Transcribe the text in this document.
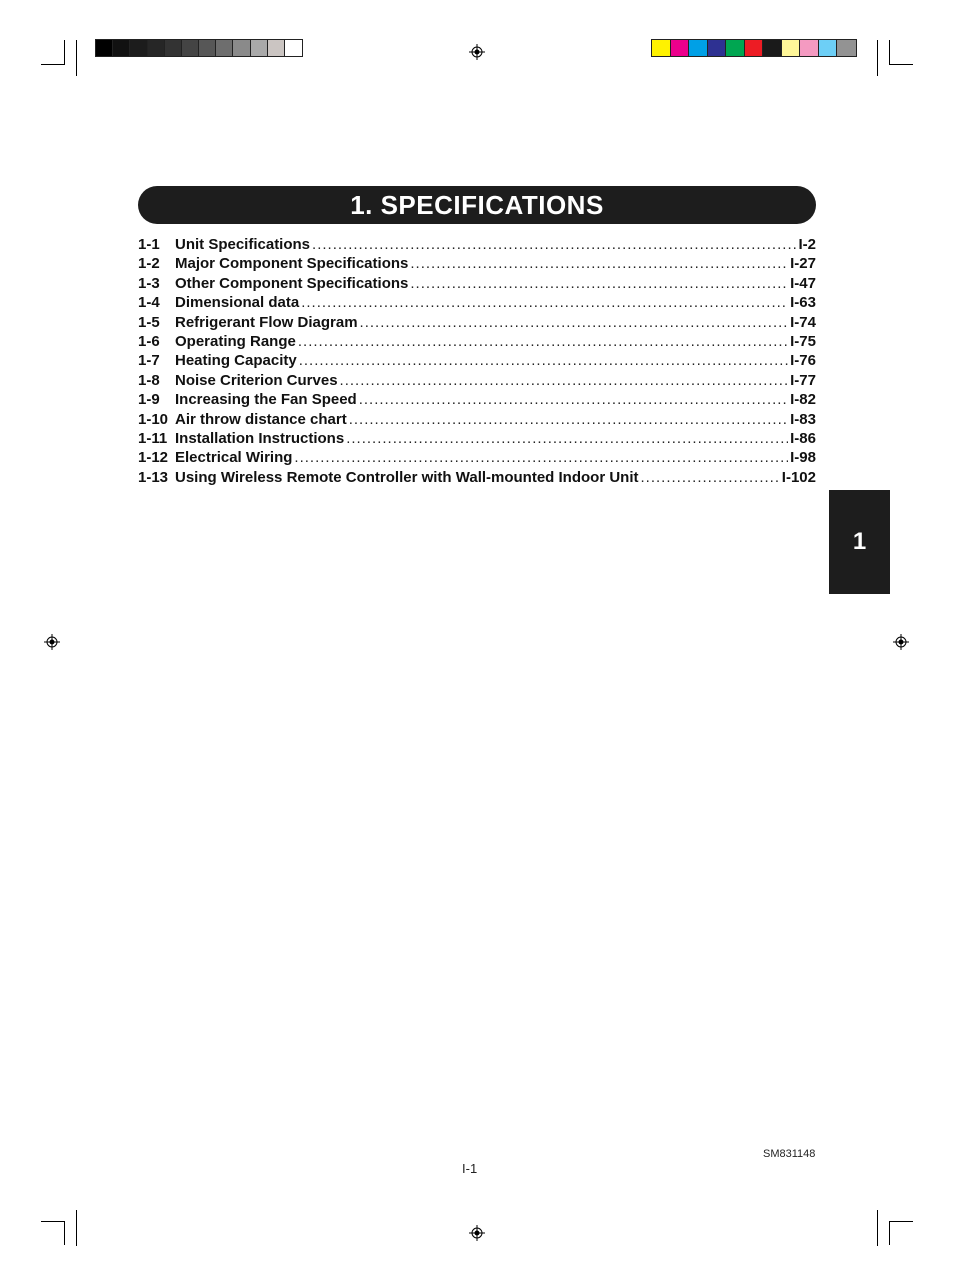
1. SPECIFICATIONS
1-1	Unit Specifications .....	I-2
1-2	Major Component Specifications .....	I-27
1-3	Other Component Specifications .....	I-47
1-4	Dimensional data .....	I-63
1-5	Refrigerant Flow Diagram .....	I-74
1-6	Operating Range .....	I-75
1-7	Heating Capacity .....	I-76
1-8	Noise Criterion Curves .....	I-77
1-9	Increasing the Fan Speed .....	I-82
1-10 Air throw distance chart .....	I-83
1-11 Installation Instructions .....	I-86
1-12 Electrical Wiring .....	I-98
1-13 Using Wireless Remote Controller with Wall-mounted Indoor Unit .....	I-102
1
SM831148
I-1
